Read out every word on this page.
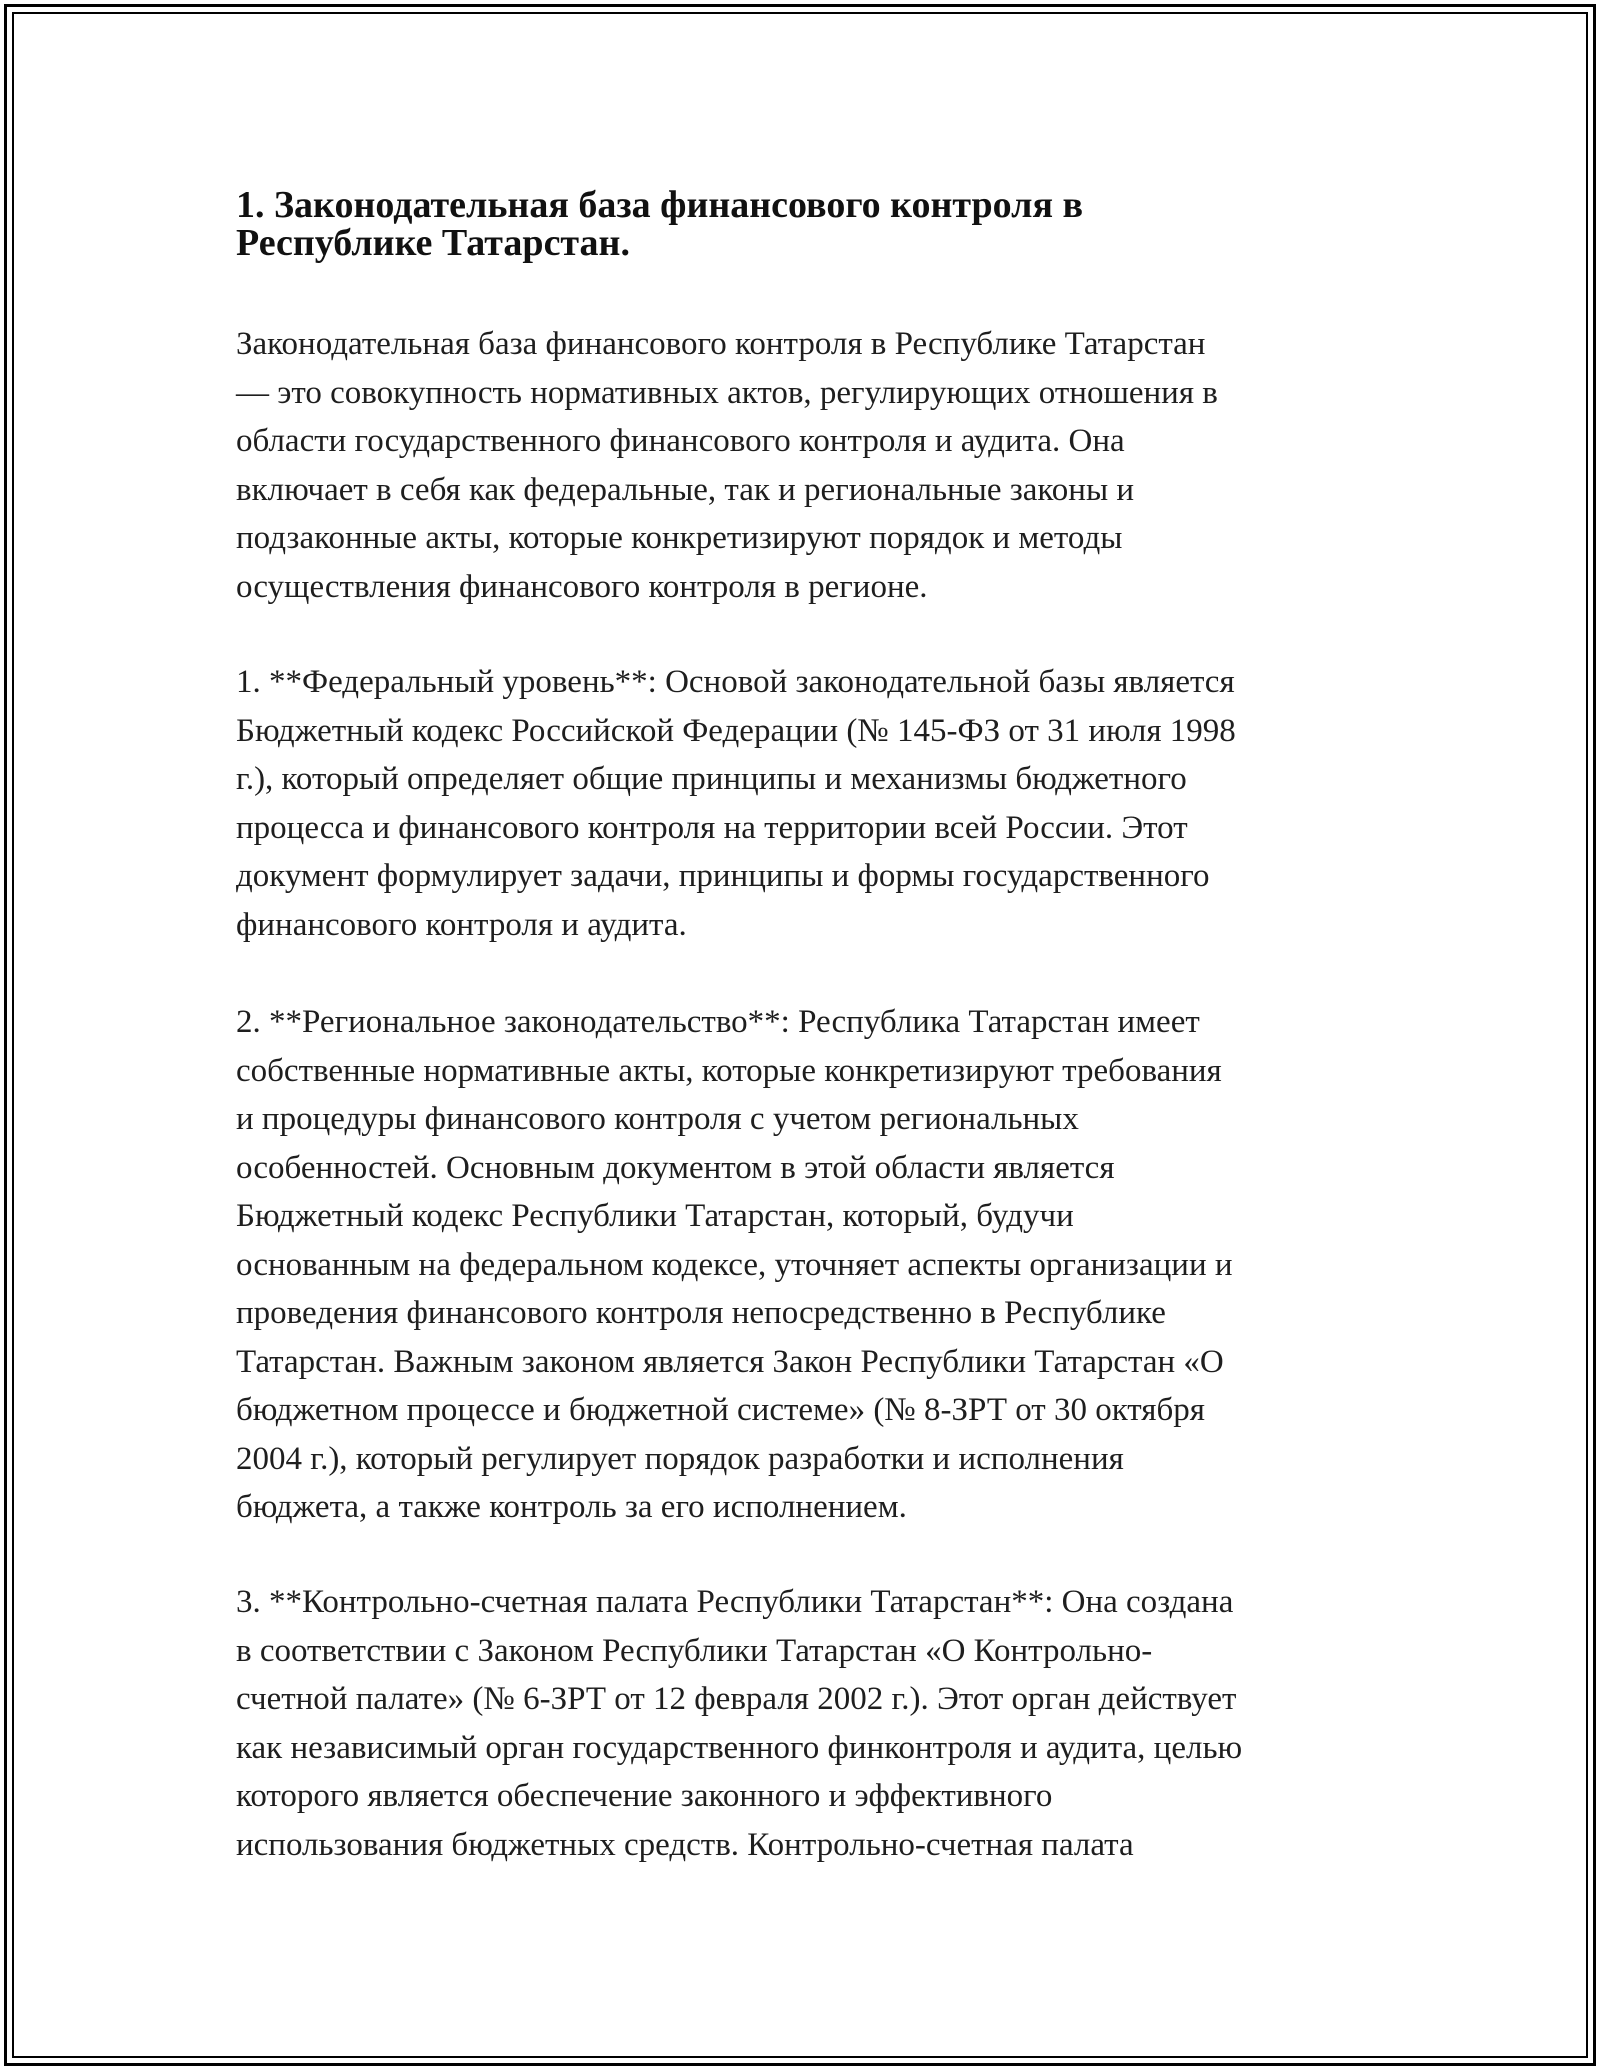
1. Законодательная база финансового контроля в
Республике Татарстан.

Законодательная база финансового контроля в Республике Татарстан
— это совокупность нормативных актов, регулирующих отношения в
области государственного финансового контроля и аудита. Она
включает в себя как федеральные, так и региональные законы и
подзаконные акты, которые конкретизируют порядок и методы
осуществления финансового контроля в регионе.

1. **Федеральный уровень**: Основой законодательной базы является
Бюджетный кодекс Российской Федерации (№ 145-ФЗ от 31 июля 1998
г.), который определяет общие принципы и механизмы бюджетного
процесса и финансового контроля на территории всей России. Этот
документ формулирует задачи, принципы и формы государственного
финансового контроля и аудита.

2. **Региональное законодательство**: Республика Татарстан имеет
собственные нормативные акты, которые конкретизируют требования
и процедуры финансового контроля с учетом региональных
особенностей. Основным документом в этой области является
Бюджетный кодекс Республики Татарстан, который, будучи
основанным на федеральном кодексе, уточняет аспекты организации и
проведения финансового контроля непосредственно в Республике
Татарстан. Важным законом является Закон Республики Татарстан «О
бюджетном процессе и бюджетной системе» (№ 8-ЗРТ от 30 октября
2004 г.), который регулирует порядок разработки и исполнения
бюджета, а также контроль за его исполнением.

3. **Контрольно-счетная палата Республики Татарстан**: Она создана
в соответствии с Законом Республики Татарстан «О Контрольно-
счетной палате» (№ 6-ЗРТ от 12 февраля 2002 г.). Этот орган действует
как независимый орган государственного финконтроля и аудита, целью
которого является обеспечение законного и эффективного
использования бюджетных средств. Контрольно-счетная палата
